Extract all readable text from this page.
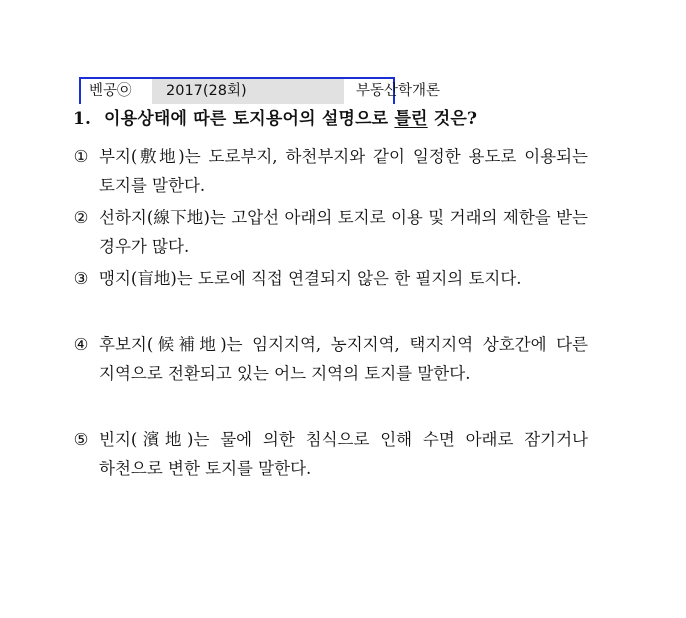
벤공㉧	2017(28회)	부동산학개론
1. 이용상태에 따른 토지용어의 설명으로 틀린 것은?
① 부지(敷地)는 도로부지, 하천부지와 같이 일정한 용도로 이용되는 토지를 말한다.
② 선하지(線下地)는 고압선 아래의 토지로 이용 및 거래의 제한을 받는 경우가 많다.
③ 맹지(盲地)는 도로에 직접 연결되지 않은 한 필지의 토지다.
④ 후보지(候補地)는 임지지역, 농지지역, 택지지역 상호간에 다른 지역으로 전환되고 있는 어느 지역의 토지를 말한다.
⑤ 빈지(濱地)는 물에 의한 침식으로 인해 수면 아래로 잠기거나 하천으로 변한 토지를 말한다.
